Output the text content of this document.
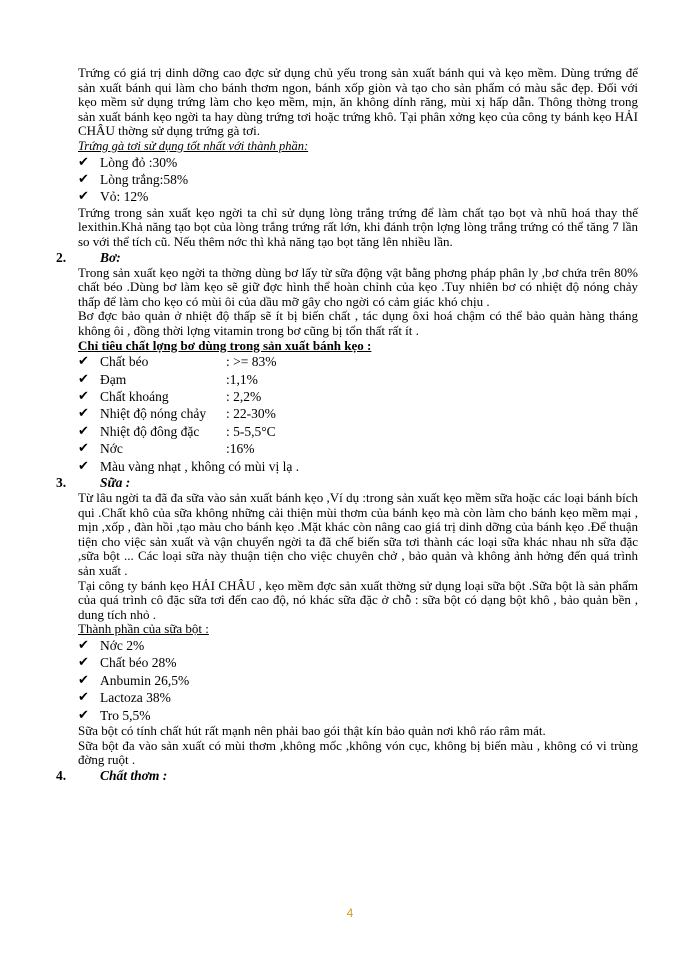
Trứng có giá trị dinh dỡng cao đợc sử dụng chủ yếu trong sản xuất bánh qui và kẹo mềm. Dùng trứng để sản xuất bánh qui làm cho bánh thơm ngon, bánh xốp giòn và tạo cho sản phẩm có màu sắc đẹp. Đối với kẹo mềm sử dụng trứng làm cho kẹo mềm, mịn, ăn không dính răng, mùi xị hấp dẫn. Thông thờng trong sản xuất bánh kẹo ngời ta hay dùng trứng tơi hoặc trứng khô. Tại phân xởng kẹo của công ty bánh kẹo HẢI CHÂU thờng sử dụng trứng gà tơi.

Trứng gà tơi sử dụng tốt nhất với thành phần:

✔ Lòng đỏ :30%
✔ Lòng trắng:58%
✔ Vỏ: 12%

Trứng trong sản xuất kẹo ngời ta chỉ sử dụng lòng trắng trứng để làm chất tạo bọt và nhũ hoá thay thế lexithin.Khả năng tạo bọt của lòng trắng trứng rất lớn, khi đánh trộn lợng lòng trắng trứng có thể tăng 7 lần so với thể tích cũ. Nếu thêm nớc thì khả năng tạo bọt tăng lên nhiều lần.

2.	Bơ:

Trong sản xuất kẹo ngời ta thờng dùng bơ lấy từ sữa động vật bằng phơng pháp phân ly ,bơ chứa trên 80% chất béo .Dùng bơ làm kẹo sẽ giữ đợc hình thể hoàn chỉnh của kẹo .Tuy nhiên bơ có nhiệt độ nóng chảy thấp để làm cho kẹo có mùi ôi của dầu mỡ gây cho ngời có cảm giác khó chịu .

Bơ đợc bảo quản ở nhiệt độ thấp sẽ ít bị biến chất , tác dụng ôxi hoá chậm có thể bảo quản hàng tháng không ôi , đồng thời lợng vitamin trong bơ cũng bị tổn thất rất ít .

Chỉ tiêu chất lợng bơ dùng trong sản xuất bánh kẹo :

✔ Chất béo	: >= 83%
✔ Đạm	:1,1%
✔ Chất khoáng	: 2,2%
✔ Nhiệt độ nóng chảy : 22-30%
✔ Nhiệt độ đông đặc : 5-5,5°C
✔ Nớc	:16%
✔ Màu vàng nhạt , không có mùi vị lạ .
3.	Sữa :

Từ lâu ngời ta đã đa sữa vào sản xuất bánh kẹo ,Ví dụ :trong sản xuất kẹo mềm sữa hoặc các loại bánh bích qui .Chất khô của sữa không những cải thiện mùi thơm của bánh kẹo mà còn làm cho bánh kẹo mềm mại , mịn ,xốp , đàn hồi ,tạo màu cho bánh kẹo .Mặt khác còn nâng cao giá trị dinh dỡng của bánh kẹo .Để thuận tiện cho việc sản xuất và vận chuyển ngời ta đã chế biến sữa tơi thành các loại sữa khác nhau nh sữa đặc ,sữa bột ... Các loại sữa này thuận tiện cho việc chuyên chở , bảo quản và không ảnh hởng đến quá trình sản xuất .

Tại công ty bánh kẹo HẢI CHÂU , kẹo mềm đợc sản xuất thờng sử dụng loại sữa bột .Sữa bột là sản phẩm của quá trình cô đặc sữa tơi đến cao độ, nó khác sữa đặc ở chỗ : sữa bột có dạng bột khô , bảo quản bền , dung tích nhỏ .

Thành phần của sữa bột :

✔ Nớc 2%
✔ Chất béo 28%
✔ Anbumin 26,5%
✔ Lactoza 38%
✔ Tro 5,5%

Sữa bột có tính chất hút rất mạnh nên phải bao gói thật kín bảo quản nơi khô ráo râm mát.

Sữa bột đa vào sản xuất có mùi thơm ,không mốc ,không vón cục, không bị biến màu , không có vi trùng đờng ruột .

4.	Chất thơm :
4
